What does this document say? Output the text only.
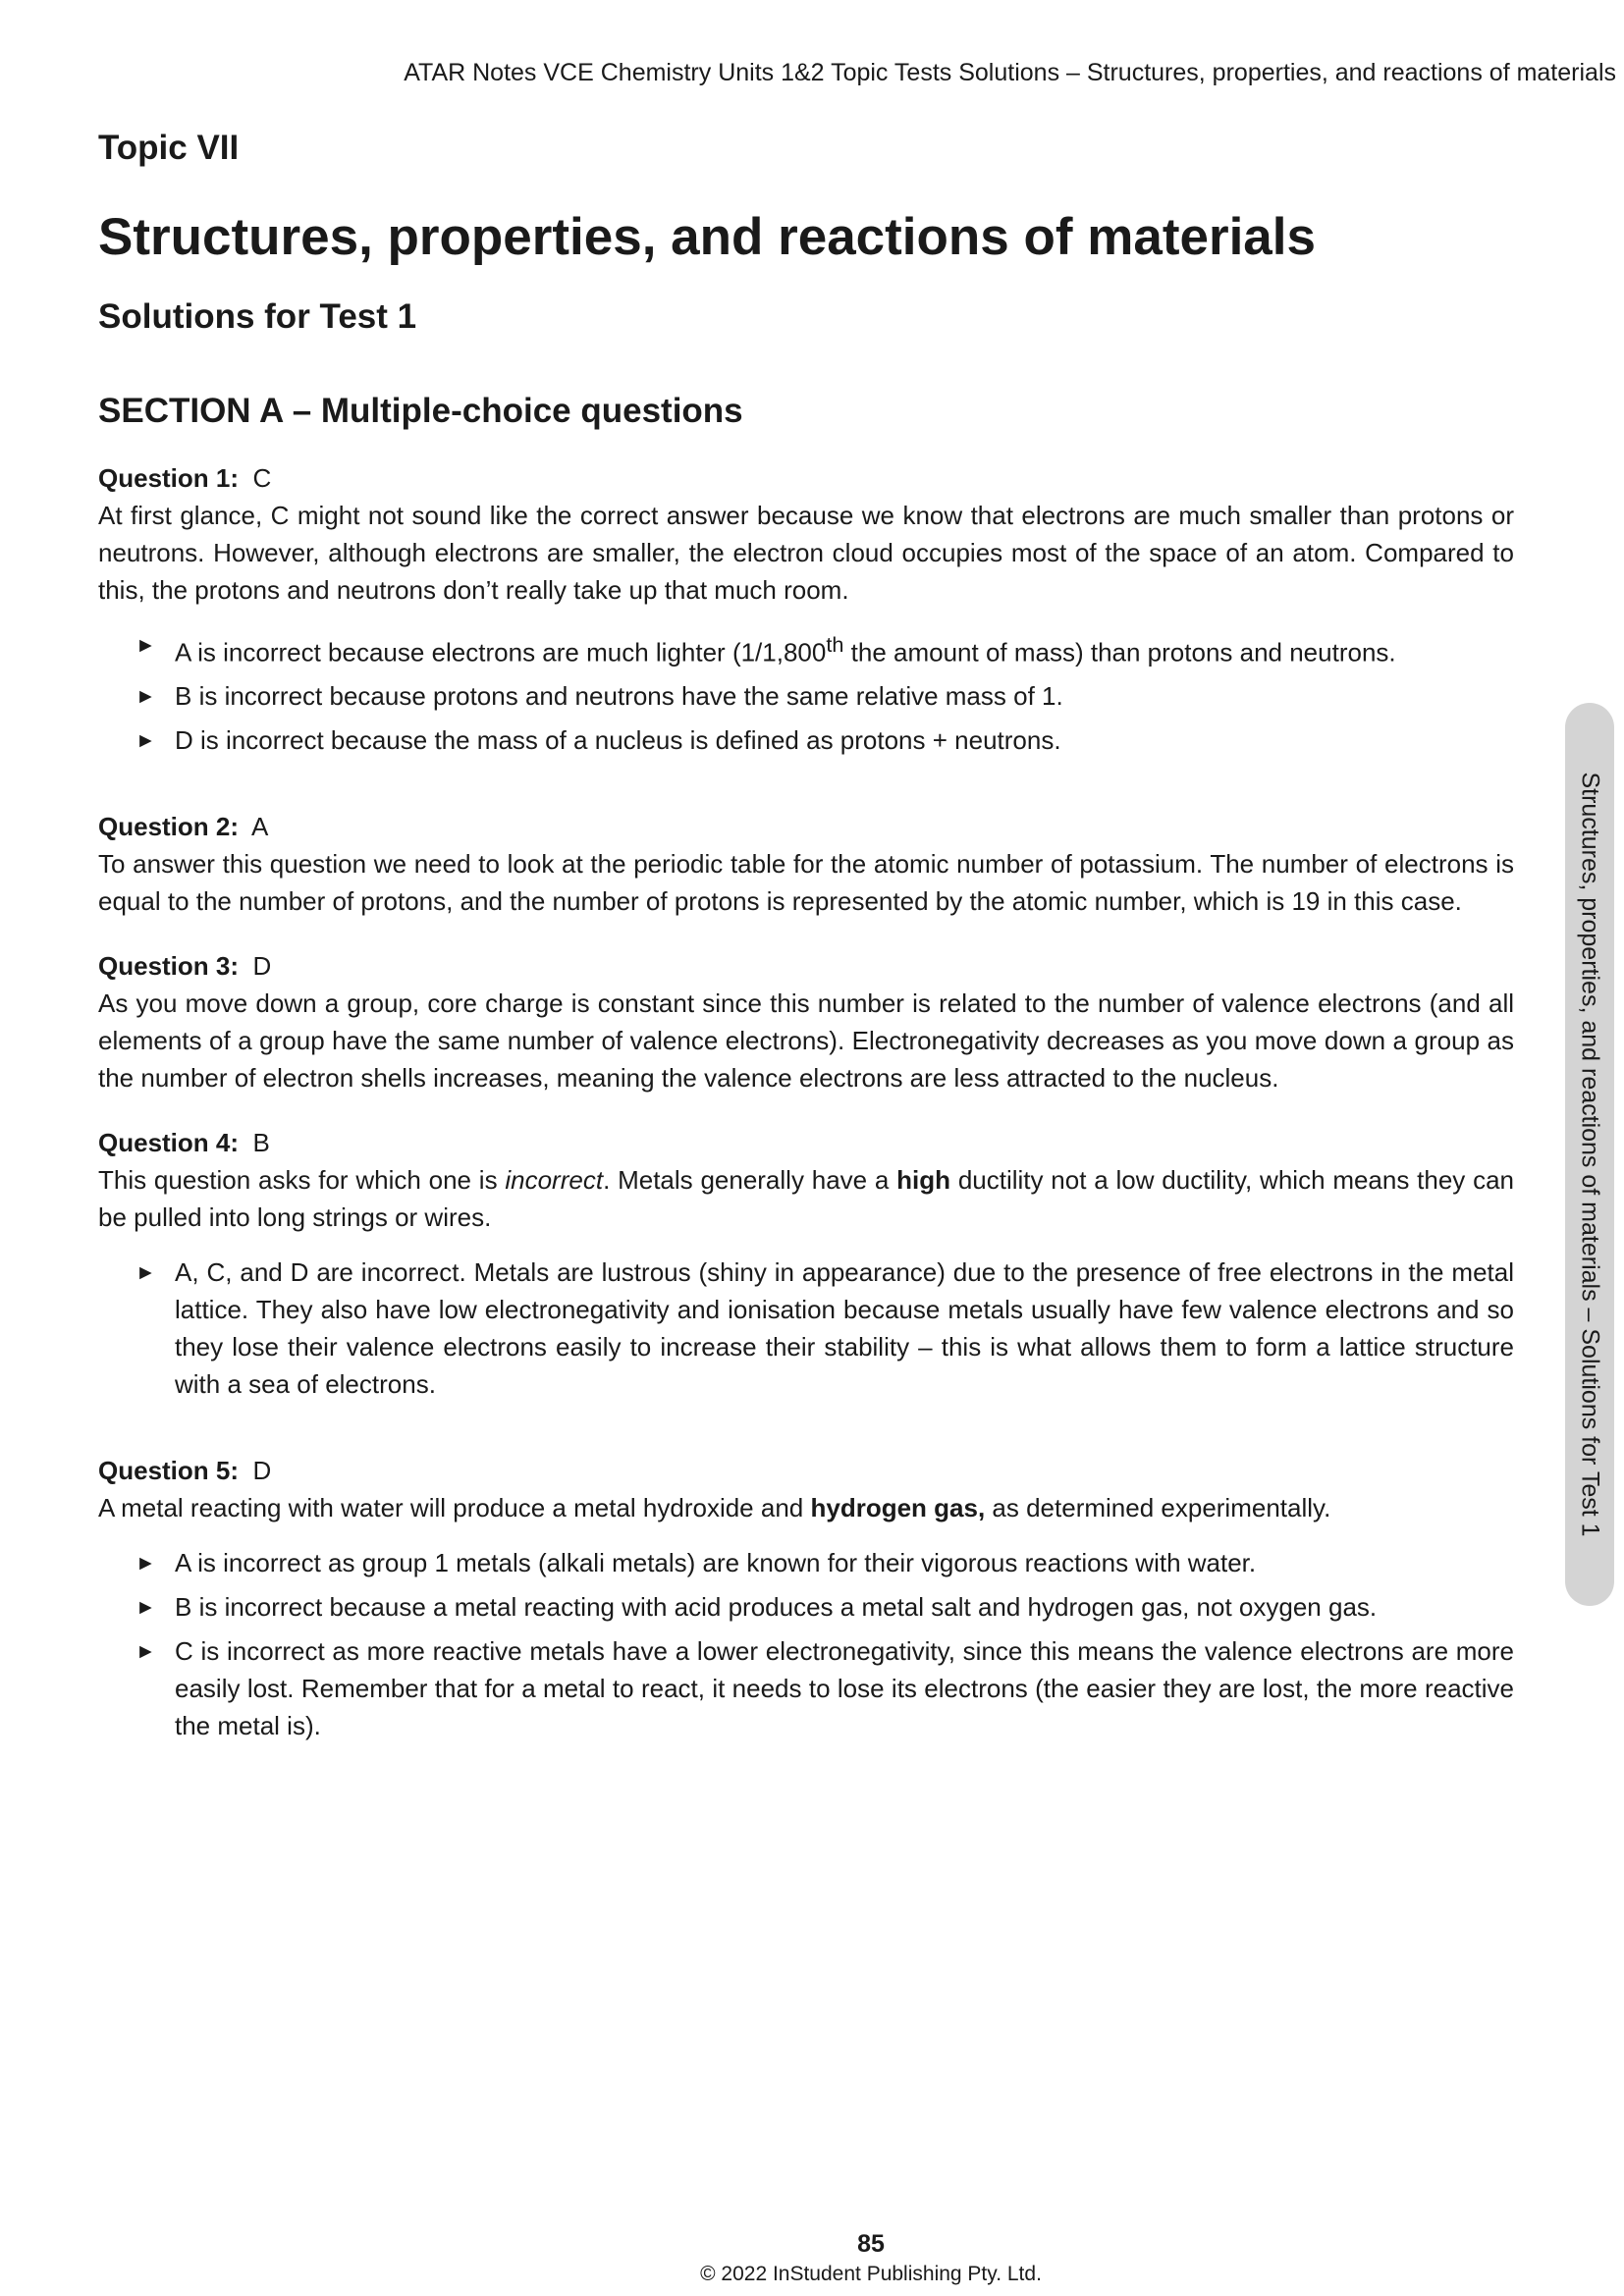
ATAR Notes VCE Chemistry Units 1&2 Topic Tests Solutions – Structures, properties, and reactions of materials
Topic VII
Structures, properties, and reactions of materials
Solutions for Test 1
SECTION A – Multiple-choice questions

Question 1: C

At first glance, C might not sound like the correct answer because we know that electrons are much smaller than protons or neutrons. However, although electrons are smaller, the electron cloud occupies most of the space of an atom. Compared to this, the protons and neutrons don’t really take up that much room.

► A is incorrect because electrons are much lighter (1/1,800th the amount of mass) than protons and neutrons.
► B is incorrect because protons and neutrons have the same relative mass of 1.
► D is incorrect because the mass of a nucleus is defined as protons + neutrons.

Question 2: A

To answer this question we need to look at the periodic table for the atomic number of potassium. The number of electrons is equal to the number of protons, and the number of protons is represented by the atomic number, which is 19 in this case.

Question 3: D

As you move down a group, core charge is constant since this number is related to the number of valence electrons (and all elements of a group have the same number of valence electrons). Electronegativity decreases as you move down a group as the number of electron shells increases, meaning the valence electrons are less attracted to the nucleus.

Question 4: B

This question asks for which one is incorrect. Metals generally have a high ductility not a low ductility, which means they can be pulled into long strings or wires.

► A, C, and D are incorrect. Metals are lustrous (shiny in appearance) due to the presence of free electrons in the metal lattice. They also have low electronegativity and ionisation because metals usually have few valence electrons and so they lose their valence electrons easily to increase their stability – this is what allows them to form a lattice structure with a sea of electrons.

Question 5: D

A metal reacting with water will produce a metal hydroxide and hydrogen gas, as determined experimentally.

► A is incorrect as group 1 metals (alkali metals) are known for their vigorous reactions with water.
► B is incorrect because a metal reacting with acid produces a metal salt and hydrogen gas, not oxygen gas.
► C is incorrect as more reactive metals have a lower electronegativity, since this means the valence electrons are more easily lost. Remember that for a metal to react, it needs to lose its electrons (the easier they are lost, the more reactive the metal is).
Structures, properties, and reactions of materials – Solutions for Test 1
85
© 2022 InStudent Publishing Pty. Ltd.
